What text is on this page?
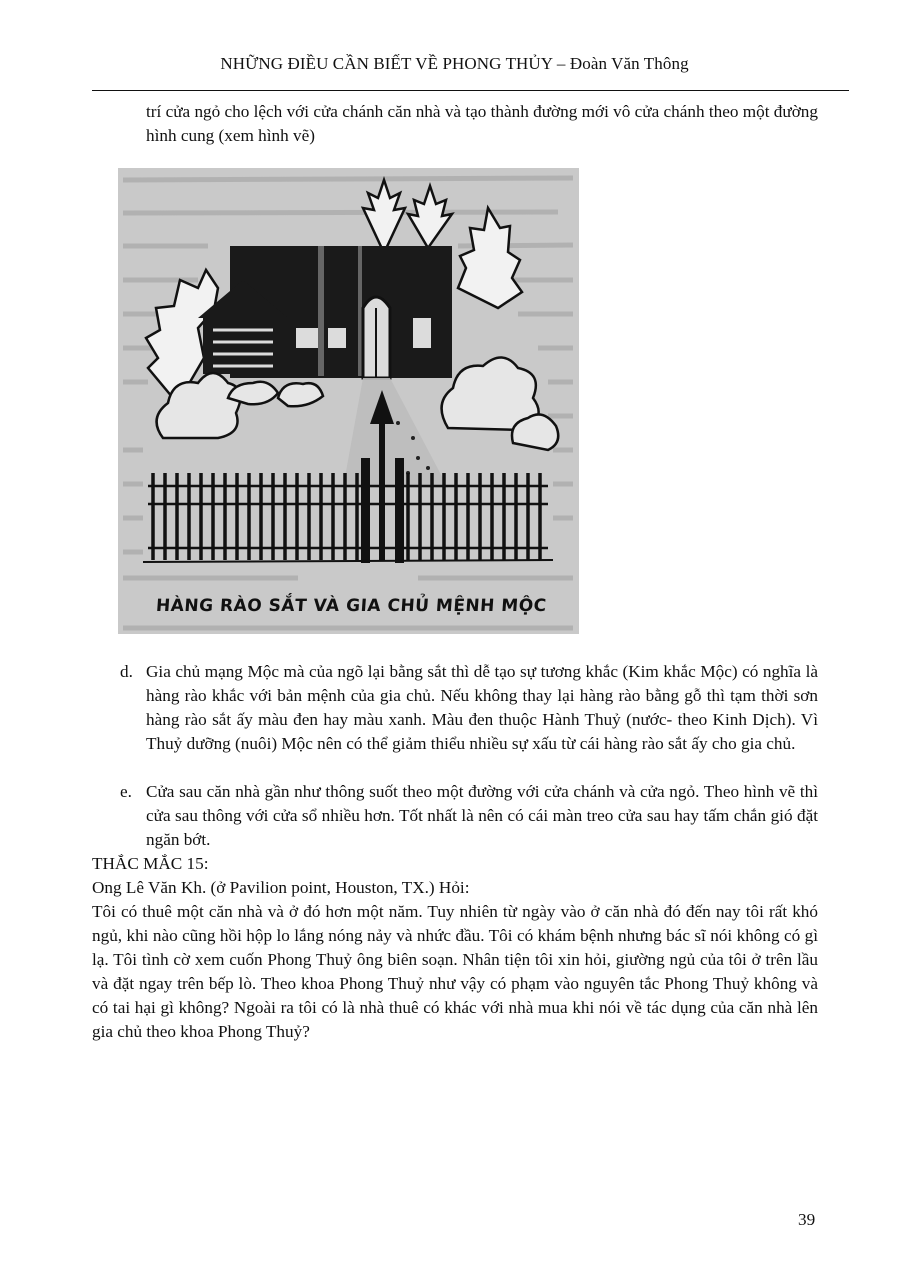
NHỮNG ĐIỀU CẦN BIẾT VỀ PHONG THỦY – Đoàn Văn Thông
trí cửa ngỏ cho lệch với cửa chánh căn nhà và tạo thành đường mới vô cửa chánh theo một đường hình cung (xem hình vẽ)
HÀNG RÀO SẮT VÀ GIA CHỦ MỆNH MỘC
d. Gia chủ mạng Mộc mà của ngõ lại bằng sắt thì dễ tạo sự tương khắc (Kim khắc Mộc) có nghĩa là hàng rào khắc với bản mệnh của gia chủ. Nếu không thay lại hàng rào bằng gỗ thì tạm thời sơn hàng rào sắt ấy màu đen hay màu xanh. Màu đen thuộc Hành Thuỷ (nước- theo Kinh Dịch). Vì Thuỷ dưỡng (nuôi) Mộc nên có thể giảm thiểu nhiều sự xấu từ cái hàng rào sắt ấy cho gia chủ.
e. Cửa sau căn nhà gần như thông suốt theo một đường với cửa chánh và cửa ngỏ. Theo hình vẽ thì cửa sau thông với cửa sổ nhiều hơn. Tốt nhất là nên có cái màn treo cửa sau hay tấm chắn gió đặt ngăn bớt.
THẮC MẮC 15:
Ong Lê Văn Kh. (ở Pavilion point, Houston, TX.) Hỏi:
Tôi có thuê một căn nhà và ở đó hơn một năm. Tuy nhiên từ ngày vào ở căn nhà đó đến nay tôi rất khó ngủ, khi nào cũng hồi hộp lo lắng nóng nảy và nhức đầu. Tôi có khám bệnh nhưng bác sĩ nói không có gì lạ. Tôi tình cờ xem cuốn Phong Thuỷ ông biên soạn. Nhân tiện tôi xin hỏi, giường ngủ của tôi ở trên lầu và đặt ngay trên bếp lò. Theo khoa Phong Thuỷ như vậy có phạm vào nguyên tắc Phong Thuỷ không và có tai hại gì không? Ngoài ra tôi có là nhà thuê có khác với nhà mua khi nói về tác dụng của căn nhà lên gia chủ theo khoa Phong Thuỷ?
39
